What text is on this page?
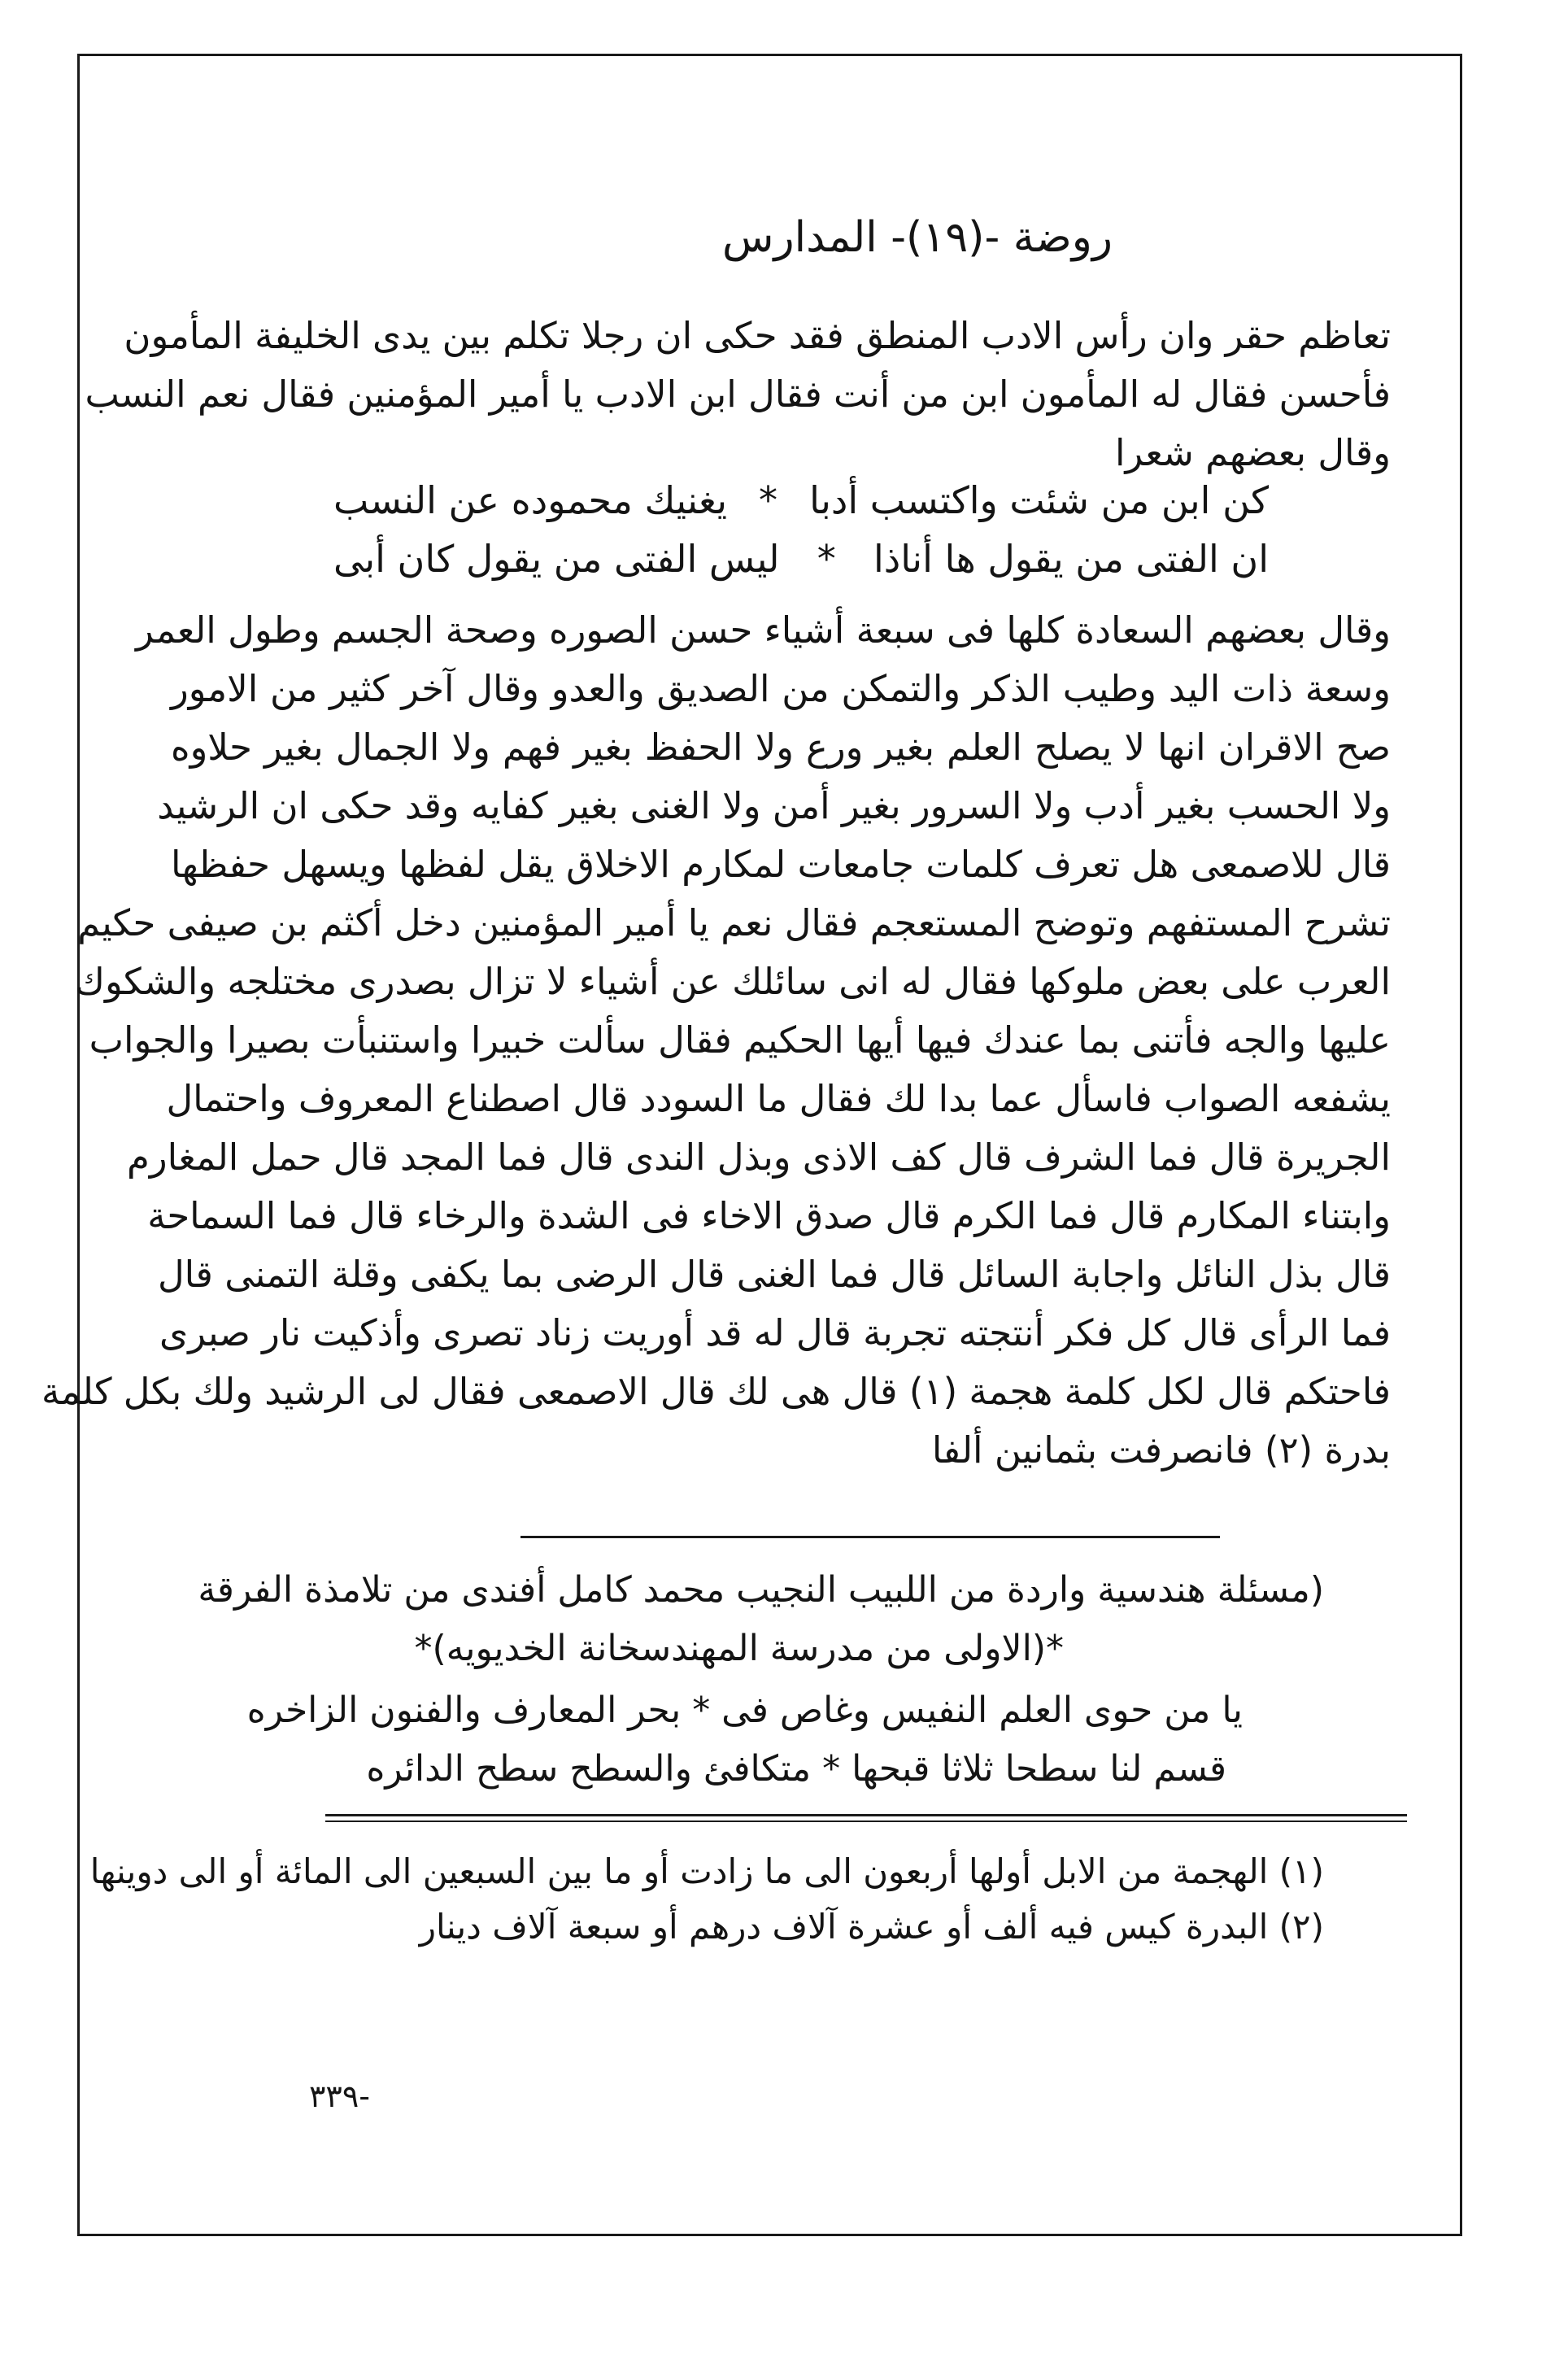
روضة -(١٩)- المدارس
تعاظم حقر وان رأس الادب المنطق فقد حكى ان رجلا تكلم بين يدى الخليفة المأمون
فأحسن فقال له المأمون ابن من أنت فقال ابن الادب يا أمير المؤمنين فقال نعم النسب
وقال بعضهم شعرا
كن ابن من شئت واكتسب أدبا
*
يغنيك محموده عن النسب
ان الفتى من يقول ها أناذا
*
ليس الفتى من يقول كان أبى
وقال بعضهم السعادة كلها فى سبعة أشياء حسن الصوره وصحة الجسم وطول العمر
وسعة ذات اليد وطيب الذكر والتمكن من الصديق والعدو وقال آخر كثير من الامور
صح الاقران انها لا يصلح العلم بغير ورع ولا الحفظ بغير فهم ولا الجمال بغير حلاوه
ولا الحسب بغير أدب ولا السرور بغير أمن ولا الغنى بغير كفايه وقد حكى ان الرشيد
قال للاصمعى هل تعرف كلمات جامعات لمكارم الاخلاق يقل لفظها ويسهل حفظها
تشرح المستفهم وتوضح المستعجم فقال نعم يا أمير المؤمنين دخل أكثم بن صيفى حكيم
العرب على بعض ملوكها فقال له انى سائلك عن أشياء لا تزال بصدرى مختلجه والشكوك
عليها والجه فأتنى بما عندك فيها أيها الحكيم فقال سألت خبيرا واستنبأت بصيرا والجواب
يشفعه الصواب فاسأل عما بدا لك فقال ما السودد قال اصطناع المعروف واحتمال
الجريرة قال فما الشرف قال كف الاذى وبذل الندى قال فما المجد قال حمل المغارم
وابتناء المكارم قال فما الكرم قال صدق الاخاء فى الشدة والرخاء قال فما السماحة
قال بذل النائل واجابة السائل قال فما الغنى قال الرضى بما يكفى وقلة التمنى قال
فما الرأى قال كل فكر أنتجته تجربة قال له قد أوريت زناد تصرى وأذكيت نار صبرى
فاحتكم قال لكل كلمة هجمة (١) قال هى لك قال الاصمعى فقال لى الرشيد ولك بكل كلمة
بدرة (٢) فانصرفت بثمانين ألفا
(مسئلة هندسية واردة من اللبيب النجيب محمد كامل أفندى من تلامذة الفرقة
*(الاولى من مدرسة المهندسخانة الخديويه)*
يا من حوى العلم النفيس وغاص فى * بحر المعارف والفنون الزاخره
قسم لنا سطحا ثلاثا قبحها * متكافئ والسطح سطح الدائره
(١) الهجمة من الابل أولها أربعون الى ما زادت أو ما بين السبعين الى المائة أو الى دوينها
(٢) البدرة كيس فيه ألف أو عشرة آلاف درهم أو سبعة آلاف دينار
٣٣٩-
